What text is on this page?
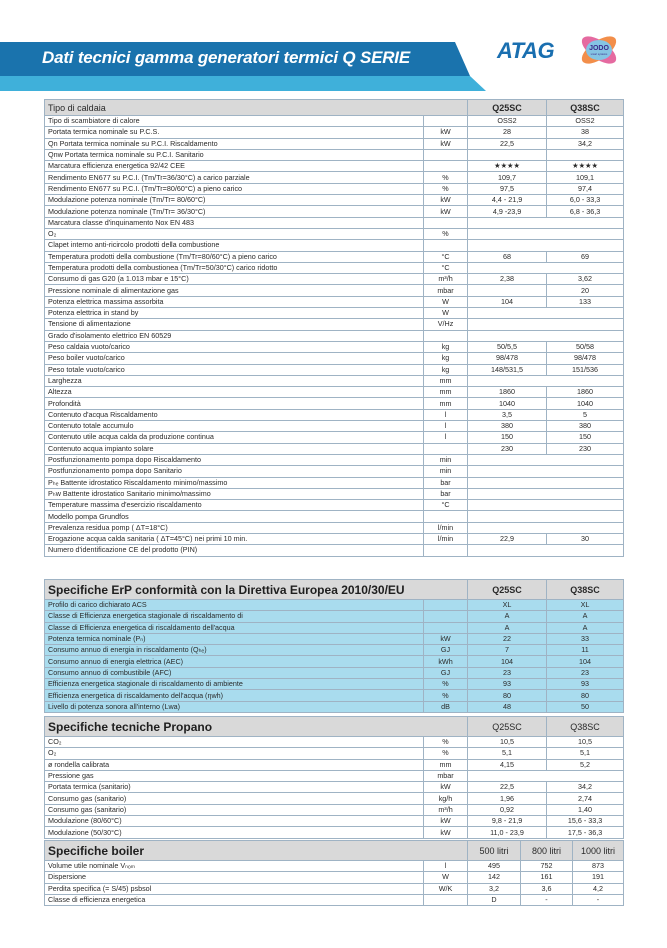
Dati tecnici gamma generatori termici Q SERIE	ATAG	JODO
smart systems
Tipo di caldaia		Q25SC	Q38SC
Tipo di scambiatore di calore		OSS2	OSS2
Portata termica nominale su P.C.S.	kW	28	38
Qn Portata termica nominale su P.C.I. Riscaldamento	kW	22,5	34,2
Qnw Portata termica nominale su P.C.I. Sanitario			
Marcatura efficienza energetica 92/42 CEE		★★★★	★★★★
Rendimento EN677 su P.C.I. (Tm/Tr=36/30°C) a carico parziale	%	109,7	109,1
Rendimento EN677 su P.C.I. (Tm/Tr=80/60°C) a pieno carico	%	97,5	97,4
Modulazione potenza nominale (Tm/Tr= 80/60°C)	kW	4,4 - 21,9	6,0 - 33,3
Modulazione potenza nominale (Tm/Tr= 36/30°C)	kW	4,9 -23,9	6,8 - 36,3
Marcatura classe d'inquinamento Nox EN 483			
O₂	%		
Clapet interno anti-ricircolo prodotti della combustione			
Temperatura prodotti della combustione (Tm/Tr=80/60°C) a pieno carico	°C	68	69
Temperatura prodotti della combustionea (Tm/Tr=50/30°C) carico ridotto	°C		
Consumo di gas G20 (a 1.013 mbar e 15°C)	m³/h	2,38	3,62
Pressione nominale di alimentazione gas	mbar		20
Potenza elettrica massima assorbita	W	104	133
Potenza elettrica in stand by	W		
Tensione di alimentazione	V/Hz		
Grado d'isolamento elettrico EN 60529			
Peso caldaia vuoto/carico	kg	50/5,5	50/58
Peso boiler vuoto/carico	kg	98/478	98/478
Peso totale vuoto/carico	kg	148/531,5	151/536
Larghezza	mm		
Altezza	mm	1860	1860
Profondità	mm	1040	1040
Contenuto d'acqua Riscaldamento	l	3,5	5
Contenuto totale accumulo	l	380	380
Contenuto utile acqua calda da produzione continua	l	150	150
Contenuto acqua impianto solare		230	230
Postfunzionamento pompa dopo Riscaldamento	min		
Postfunzionamento pompa dopo Sanitario	min		
Pₕₑ Battente idrostatico Riscaldamento minimo/massimo	bar		
Pₕw Battente idrostatico Sanitario minimo/massimo	bar		
Temperature massima d'esercizio riscaldamento	°C		
Modello pompa Grundfos			
Prevalenza residua pomp ( ΔT=18°C)	l/min		
Erogazione acqua calda sanitaria ( ΔT=45°C) nei primi 10 min.	l/min	22,9	30
Numero d'identificazione CE del prodotto (PIN)			
Specifiche ErP conformità con la Direttiva Europea 2010/30/EU		Q25SC	Q38SC
Profilo di carico dichiarato ACS		XL	XL
Classe di Efficienza energetica stagionale di riscaldamento di		A	A
Classe di Efficienza energetica di riscaldamento dell'acqua		A	A
Potenza termica nominale (Pₙ)	kW	22	33
Consumo annuo di energia in riscaldamento (Qₕₑ)	GJ	7	11
Consumo annuo di energia elettrica (AEC)	kWh	104	104
Consumo annuo di combustibile (AFC)	GJ	23	23
Efficienza energetica stagionale di riscaldamento di ambiente	%	93	93
Efficienza energetica di riscaldamento dell'acqua (ηwh)	%	80	80
Livello di potenza sonora all'interno (Lwa)	dB	48	50
Specifiche tecniche Propano		Q25SC	Q38SC
CO₂	%	10,5	10,5
O₂	%	5,1	5,1
ø rondella calibrata	mm	4,15	5,2
Pressione gas	mbar		
Portata termica (sanitario)	kW	22,5	34,2
Consumo gas (sanitario)	kg/h	1,96	2,74
Consumo gas (sanitario)	m³/h	0,92	1,40
Modulazione (80/60°C)	kW	9,8 - 21,9	15,6 - 33,3
Modulazione (50/30°C)	kW	11,0 - 23,9	17,5 - 36,3
Specifiche boiler		500 litri	800 litri	1000 litri
Volume utile nominale Vₙₒₘ	l	495	752	873
Dispersione	W	142	161	191
Perdita specifica (= S/45) psbsol	W/K	3,2	3,6	4,2
Classe di efficienza energetica		D	-	-
